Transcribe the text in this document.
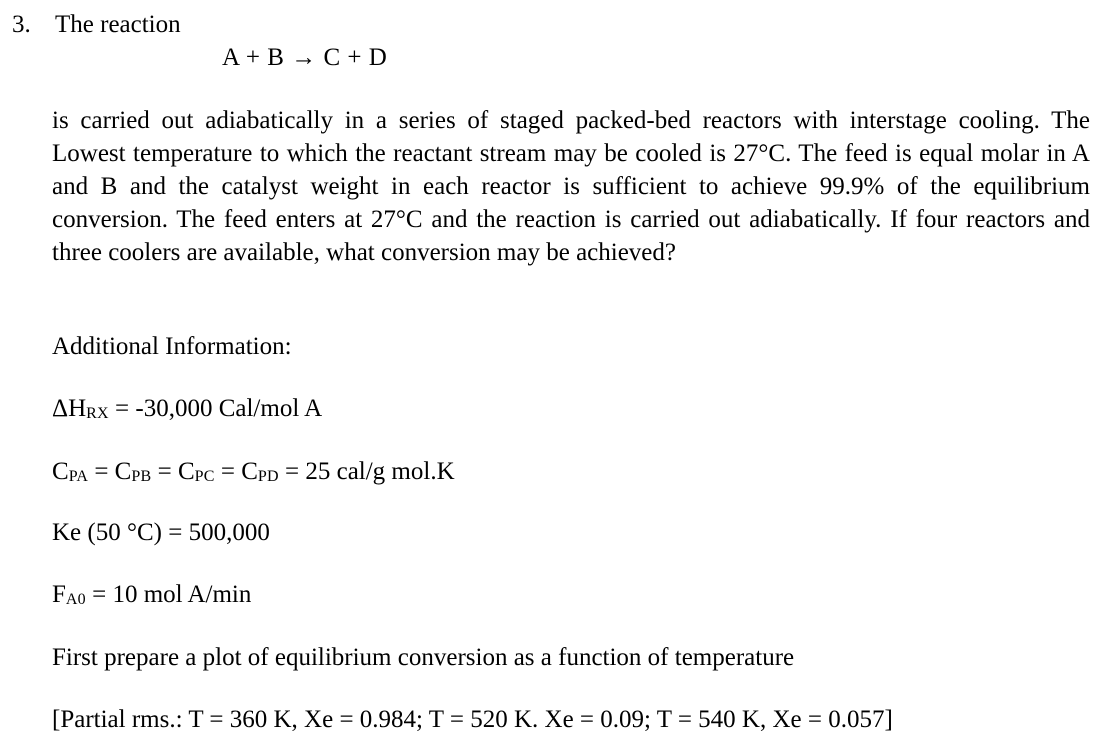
3. The reaction
A + B → C + D
is carried out adiabatically in a series of staged packed-bed reactors with interstage cooling. The Lowest temperature to which the reactant stream may be cooled is 27°C. The feed is equal molar in A and B and the catalyst weight in each reactor is sufficient to achieve 99.9% of the equilibrium conversion. The feed enters at 27°C and the reaction is carried out adiabatically. If four reactors and three coolers are available, what conversion may be achieved?
Additional Information:
ΔHRX = -30,000 Cal/mol A
CPA = CPB = CPC = CPD = 25 cal/g mol.K
Ke (50 °C) = 500,000
FA0 = 10 mol A/min
First prepare a plot of equilibrium conversion as a function of temperature
[Partial rms.: T = 360 K, Xe = 0.984; T = 520 K. Xe = 0.09; T = 540 K, Xe = 0.057]
